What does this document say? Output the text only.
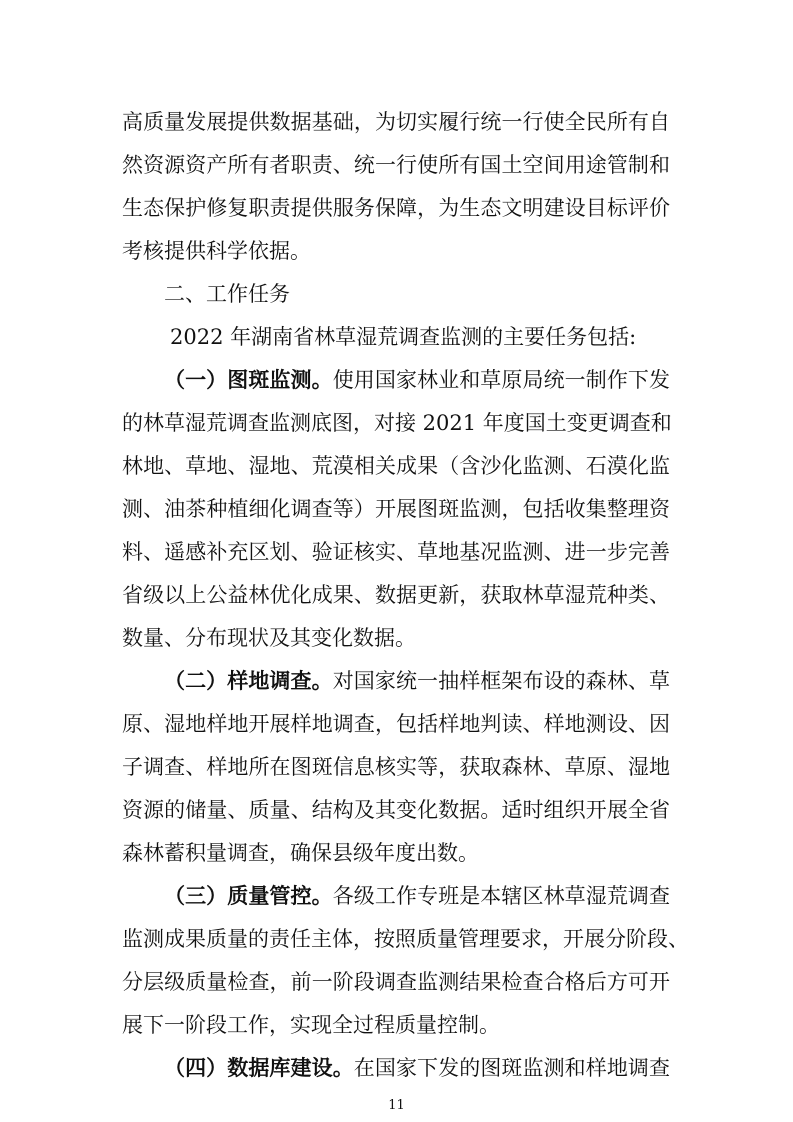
高质量发展提供数据基础，为切实履行统一行使全民所有自
然资源资产所有者职责、统一行使所有国土空间用途管制和
生态保护修复职责提供服务保障，为生态文明建设目标评价
考核提供科学依据。
二、工作任务
2022 年湖南省林草湿荒调查监测的主要任务包括:
（一）图斑监测。使用国家林业和草原局统一制作下发
的林草湿荒调查监测底图，对接 2021 年度国土变更调查和
林地、草地、湿地、荒漠相关成果（含沙化监测、石漠化监
测、油茶种植细化调查等）开展图斑监测，包括收集整理资
料、遥感补充区划、验证核实、草地基况监测、进一步完善
省级以上公益林优化成果、数据更新，获取林草湿荒种类、
数量、分布现状及其变化数据。
（二）样地调查。对国家统一抽样框架布设的森林、草
原、湿地样地开展样地调查，包括样地判读、样地测设、因
子调查、样地所在图斑信息核实等，获取森林、草原、湿地
资源的储量、质量、结构及其变化数据。适时组织开展全省
森林蓄积量调查，确保县级年度出数。
（三）质量管控。各级工作专班是本辖区林草湿荒调查
监测成果质量的责任主体，按照质量管理要求，开展分阶段、
分层级质量检查，前一阶段调查监测结果检查合格后方可开
展下一阶段工作，实现全过程质量控制。
（四）数据库建设。在国家下发的图斑监测和样地调查
11
